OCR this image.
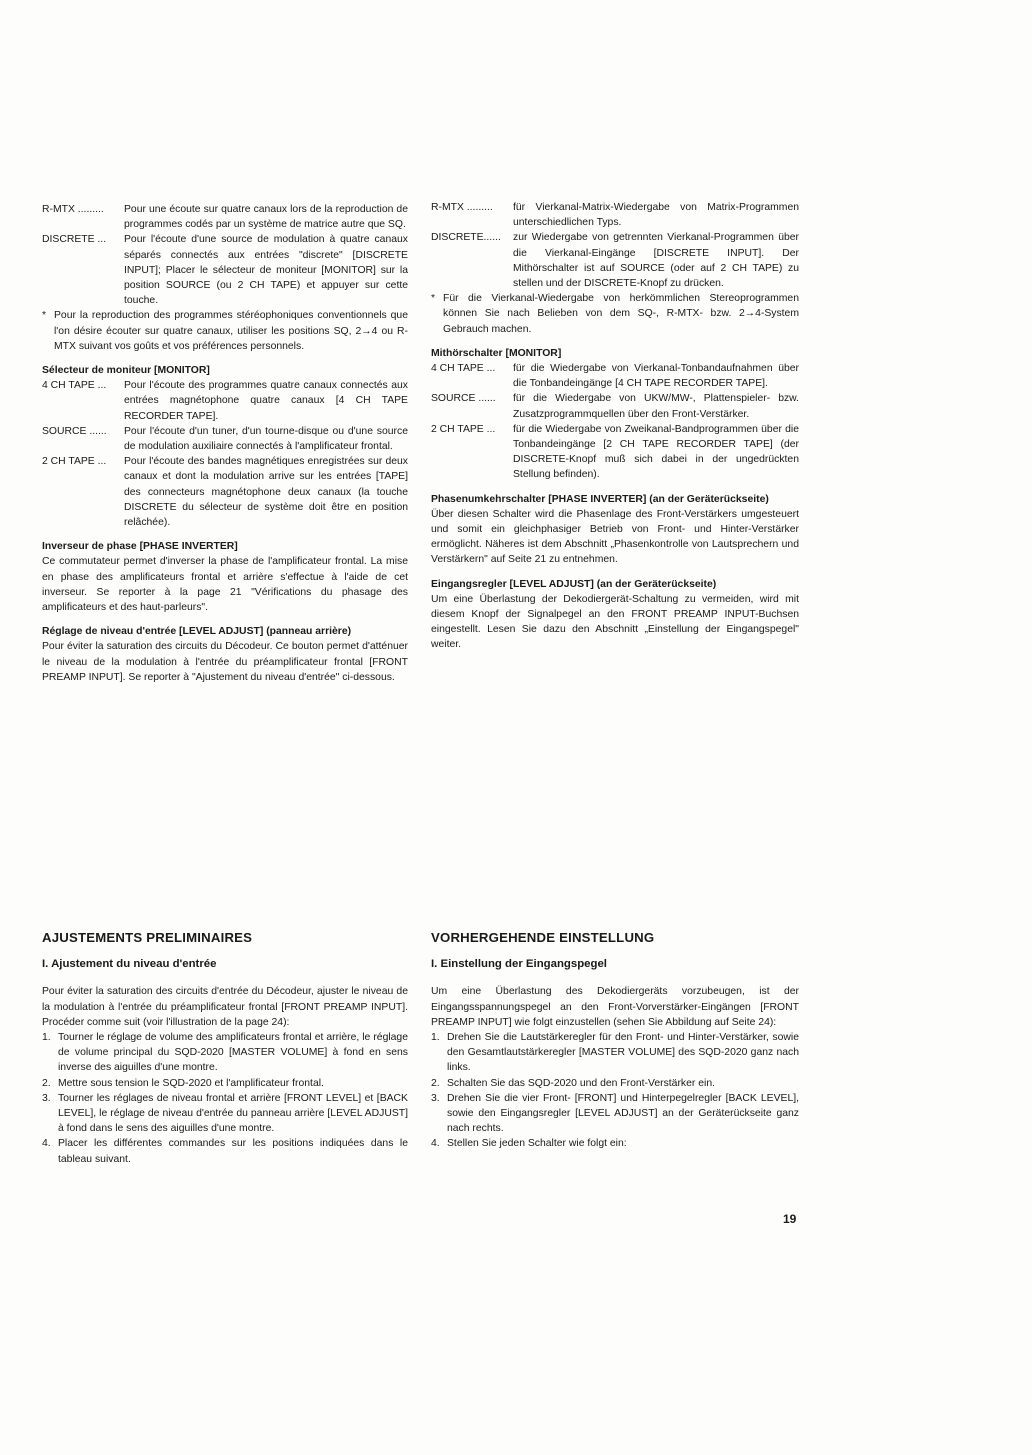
R-MTX .........	Pour une écoute sur quatre canaux lors de la reproduction de programmes codés par un système de matrice autre que SQ.
DISCRETE ...	Pour l'écoute d'une source de modulation à quatre canaux séparés connectés aux entrées "discrete" [DISCRETE INPUT]; Placer le sélecteur de moniteur [MONITOR] sur la position SOURCE (ou 2 CH TAPE) et appuyer sur cette touche.
* Pour la reproduction des programmes stéréophoniques conventionnels que l'on désire écouter sur quatre canaux, utiliser les positions SQ, 2→4 ou R-MTX suivant vos goûts et vos préférences personnels.
Sélecteur de moniteur [MONITOR]
4 CH TAPE ...	Pour l'écoute des programmes quatre canaux connectés aux entrées magnétophone quatre canaux [4 CH TAPE RECORDER TAPE].
SOURCE ......	Pour l'écoute d'un tuner, d'un tourne-disque ou d'une source de modulation auxiliaire connectés à l'amplificateur frontal.
2 CH TAPE ...	Pour l'écoute des bandes magnétiques enregistrées sur deux canaux et dont la modulation arrive sur les entrées [TAPE] des connecteurs magnétophone deux canaux (la touche DISCRETE du sélecteur de système doit être en position relâchée).
Inverseur de phase [PHASE INVERTER]
Ce commutateur permet d'inverser la phase de l'amplificateur frontal. La mise en phase des amplificateurs frontal et arrière s'effectue à l'aide de cet inverseur. Se reporter à la page 21 "Vérifications du phasage des amplificateurs et des haut-parleurs".
Réglage de niveau d'entrée [LEVEL ADJUST] (panneau arrière)
Pour éviter la saturation des circuits du Décodeur. Ce bouton permet d'atténuer le niveau de la modulation à l'entrée du préamplificateur frontal [FRONT PREAMP INPUT]. Se reporter à "Ajustement du niveau d'entrée" ci-dessous.
R-MTX .........	für Vierkanal-Matrix-Wiedergabe von Matrix-Programmen unterschiedlichen Typs.
DISCRETE......	zur Wiedergabe von getrennten Vierkanal-Programmen über die Vierkanal-Eingänge [DISCRETE INPUT]. Der Mithörschalter ist auf SOURCE (oder auf 2 CH TAPE) zu stellen und der DISCRETE-Knopf zu drücken.
* Für die Vierkanal-Wiedergabe von herkömmlichen Stereoprogrammen können Sie nach Belieben von dem SQ-, R-MTX- bzw. 2→4-System Gebrauch machen.
Mithörschalter [MONITOR]
4 CH TAPE ...	für die Wiedergabe von Vierkanal-Tonbandaufnahmen über die Tonbandeingänge [4 CH TAPE RECORDER TAPE].
SOURCE ......	für die Wiedergabe von UKW/MW-, Plattenspieler- bzw. Zusatzprogrammquellen über den Front-Verstärker.
2 CH TAPE ...	für die Wiedergabe von Zweikanal-Bandprogrammen über die Tonbandeingänge [2 CH TAPE RECORDER TAPE] (der DISCRETE-Knopf muß sich dabei in der ungedrückten Stellung befinden).
Phasenumkehrschalter [PHASE INVERTER] (an der Geräterückseite)
Über diesen Schalter wird die Phasenlage des Front-Verstärkers umgesteuert und somit ein gleichphasiger Betrieb von Front- und Hinter-Verstärker ermöglicht. Näheres ist dem Abschnitt „Phasenkontrolle von Lautsprechern und Verstärkern" auf Seite 21 zu entnehmen.
Eingangsregler [LEVEL ADJUST] (an der Geräterückseite)
Um eine Überlastung der Dekodiergerät-Schaltung zu vermeiden, wird mit diesem Knopf der Signalpegel an den FRONT PREAMP INPUT-Buchsen eingestellt. Lesen Sie dazu den Abschnitt „Einstellung der Eingangspegel" weiter.
AJUSTEMENTS PRELIMINAIRES
I. Ajustement du niveau d'entrée
Pour éviter la saturation des circuits d'entrée du Décodeur, ajuster le niveau de la modulation à l'entrée du préamplificateur frontal [FRONT PREAMP INPUT]. Procéder comme suit (voir l'illustration de la page 24):
1. Tourner le réglage de volume des amplificateurs frontal et arrière, le réglage de volume principal du SQD-2020 [MASTER VOLUME] à fond en sens inverse des aiguilles d'une montre.
2. Mettre sous tension le SQD-2020 et l'amplificateur frontal.
3. Tourner les réglages de niveau frontal et arrière [FRONT LEVEL] et [BACK LEVEL], le réglage de niveau d'entrée du panneau arrière [LEVEL ADJUST] à fond dans le sens des aiguilles d'une montre.
4. Placer les différentes commandes sur les positions indiquées dans le tableau suivant.
VORHERGEHENDE EINSTELLUNG
I. Einstellung der Eingangspegel
Um eine Überlastung des Dekodiergeräts vorzubeugen, ist der Eingangsspannungspegel an den Front-Vorverstärker-Eingängen [FRONT PREAMP INPUT] wie folgt einzustellen (sehen Sie Abbildung auf Seite 24):
1. Drehen Sie die Lautstärkeregler für den Front- und Hinter-Verstärker, sowie den Gesamtlautstärkeregler [MASTER VOLUME] des SQD-2020 ganz nach links.
2. Schalten Sie das SQD-2020 und den Front-Verstärker ein.
3. Drehen Sie die vier Front- [FRONT] und Hinterpegelregler [BACK LEVEL], sowie den Eingangsregler [LEVEL ADJUST] an der Geräterückseite ganz nach rechts.
4. Stellen Sie jeden Schalter wie folgt ein:
19
